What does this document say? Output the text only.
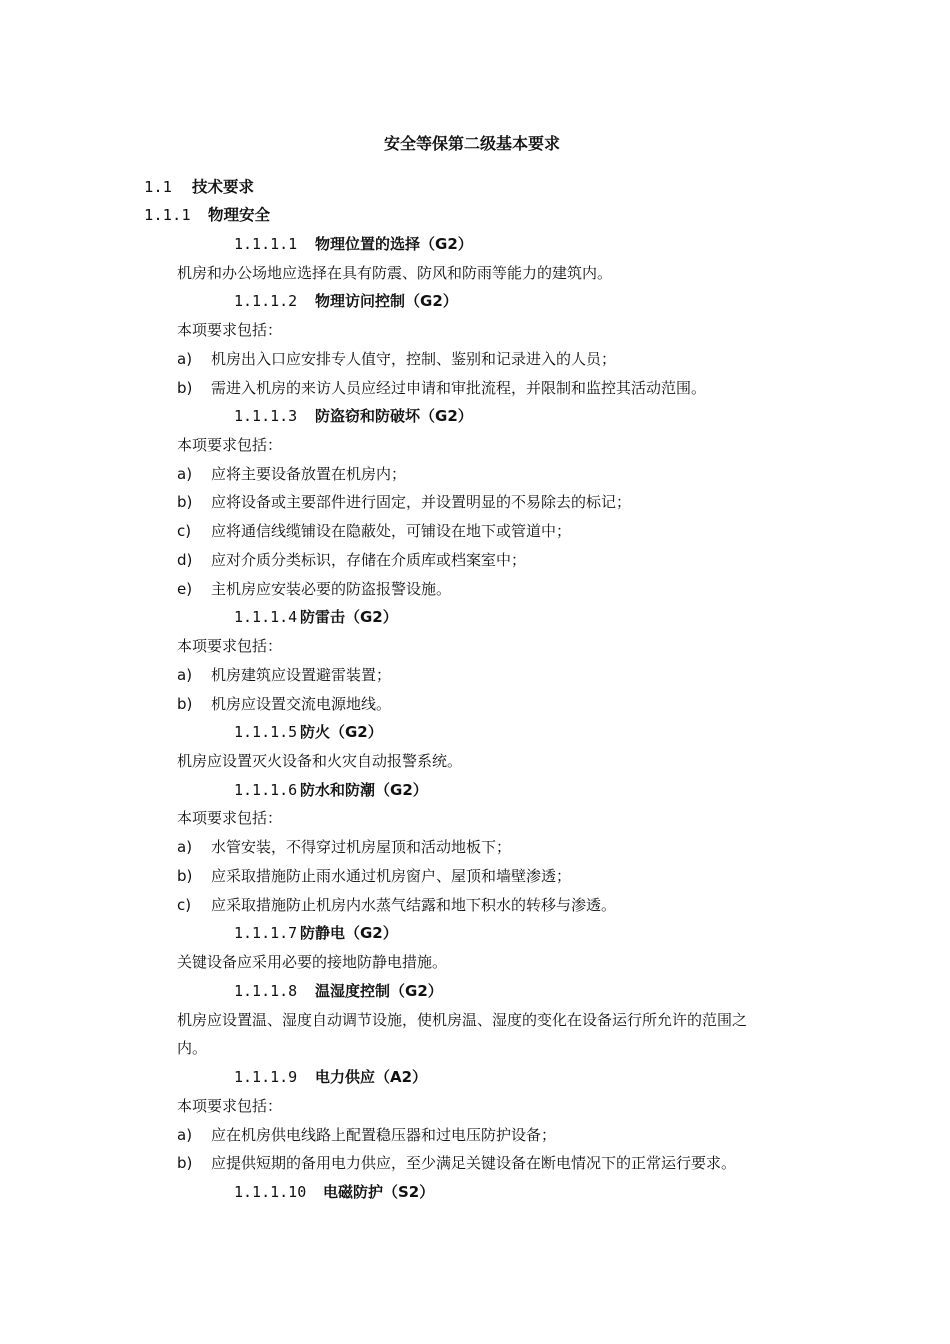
安全等保第二级基本要求
1.1 技术要求
1.1.1 物理安全
1.1.1.1 物理位置的选择（G2）
机房和办公场地应选择在具有防震、防风和防雨等能力的建筑内。
1.1.1.2 物理访问控制（G2）
本项要求包括：
a) 机房出入口应安排专人值守，控制、鉴别和记录进入的人员；
b) 需进入机房的来访人员应经过申请和审批流程，并限制和监控其活动范围。
1.1.1.3 防盗窃和防破坏（G2）
本项要求包括：
a) 应将主要设备放置在机房内；
b) 应将设备或主要部件进行固定，并设置明显的不易除去的标记；
c) 应将通信线缆铺设在隐蔽处，可铺设在地下或管道中；
d) 应对介质分类标识，存储在介质库或档案室中；
e) 主机房应安装必要的防盗报警设施。
1.1.1.4 防雷击（G2）
本项要求包括：
a) 机房建筑应设置避雷装置；
b) 机房应设置交流电源地线。
1.1.1.5 防火（G2）
机房应设置灭火设备和火灾自动报警系统。
1.1.1.6 防水和防潮（G2）
本项要求包括：
a) 水管安装，不得穿过机房屋顶和活动地板下；
b) 应采取措施防止雨水通过机房窗户、屋顶和墙壁渗透；
c) 应采取措施防止机房内水蒸气结露和地下积水的转移与渗透。
1.1.1.7 防静电（G2）
关键设备应采用必要的接地防静电措施。
1.1.1.8 温湿度控制（G2）
机房应设置温、湿度自动调节设施，使机房温、湿度的变化在设备运行所允许的范围之
内。
1.1.1.9 电力供应（A2）
本项要求包括：
a) 应在机房供电线路上配置稳压器和过电压防护设备；
b) 应提供短期的备用电力供应，至少满足关键设备在断电情况下的正常运行要求。
1.1.1.10 电磁防护（S2）
